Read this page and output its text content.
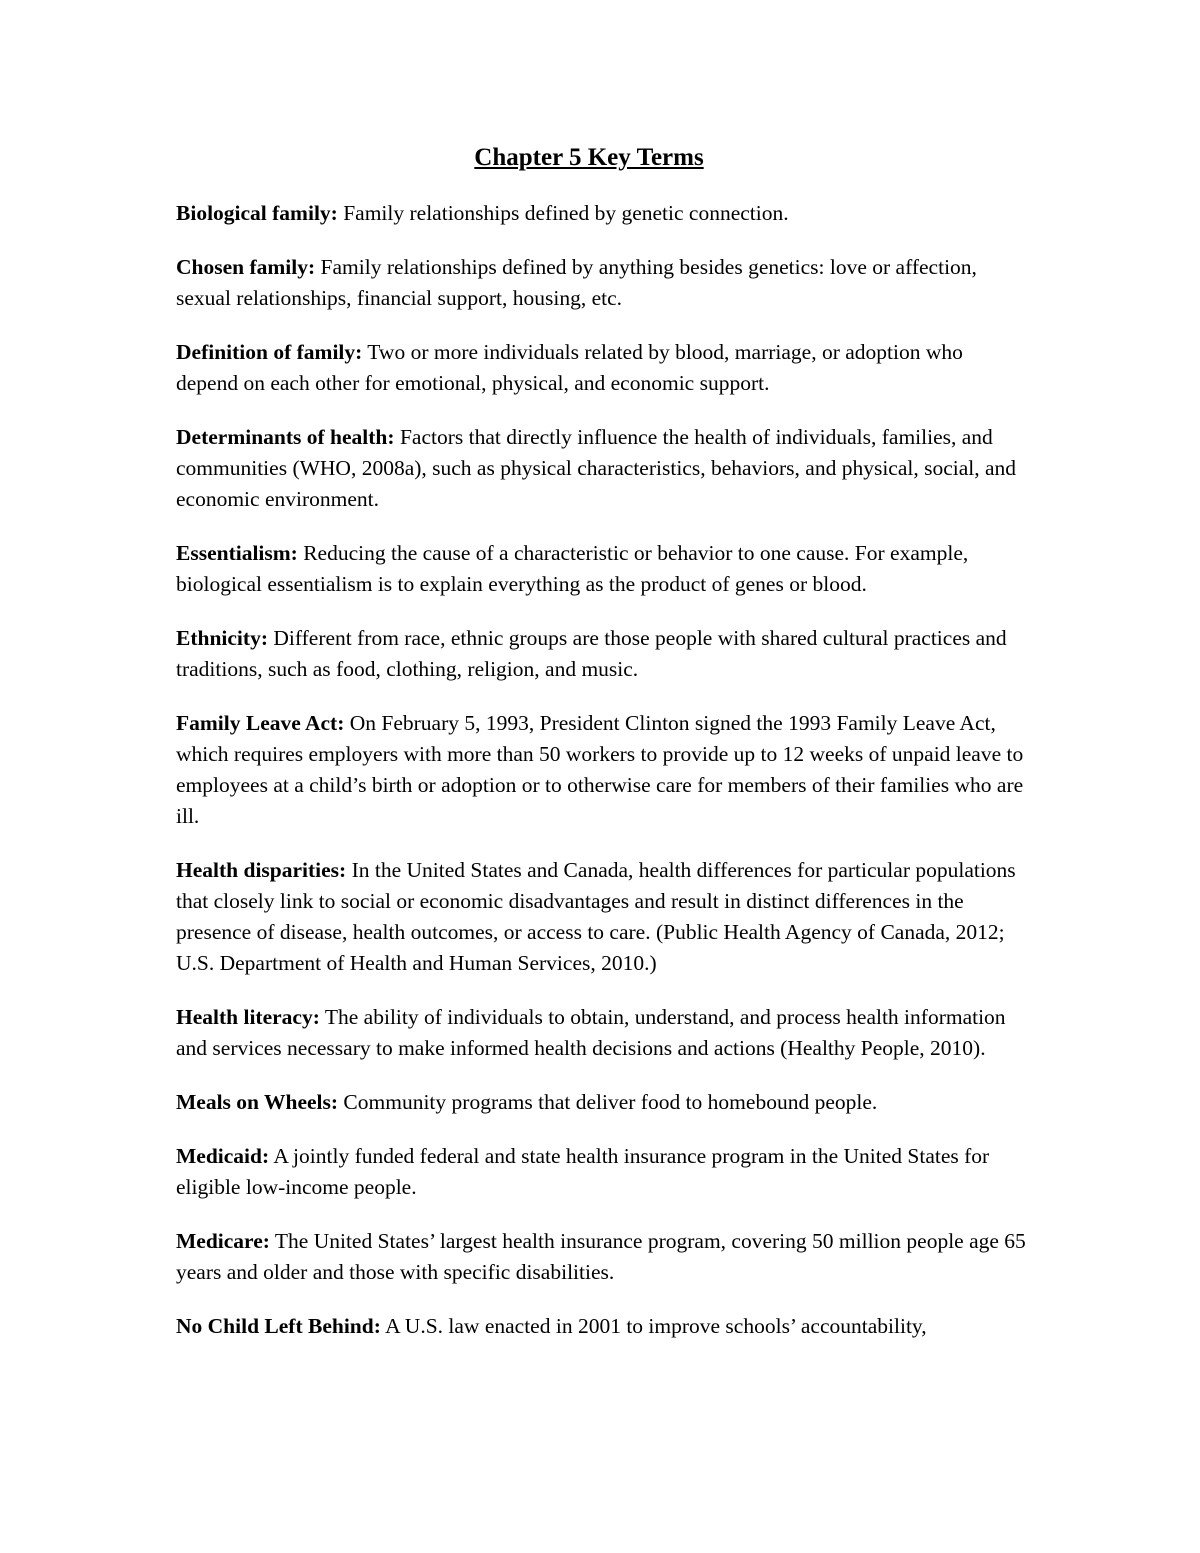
Chapter 5 Key Terms

Biological family: Family relationships defined by genetic connection.

Chosen family: Family relationships defined by anything besides genetics: love or affection, sexual relationships, financial support, housing, etc.

Definition of family: Two or more individuals related by blood, marriage, or adoption who depend on each other for emotional, physical, and economic support.

Determinants of health: Factors that directly influence the health of individuals, families, and communities (WHO, 2008a), such as physical characteristics, behaviors, and physical, social, and economic environment.

Essentialism: Reducing the cause of a characteristic or behavior to one cause. For example, biological essentialism is to explain everything as the product of genes or blood.

Ethnicity: Different from race, ethnic groups are those people with shared cultural practices and traditions, such as food, clothing, religion, and music.

Family Leave Act: On February 5, 1993, President Clinton signed the 1993 Family Leave Act, which requires employers with more than 50 workers to provide up to 12 weeks of unpaid leave to employees at a child’s birth or adoption or to otherwise care for members of their families who are ill.

Health disparities: In the United States and Canada, health differences for particular populations that closely link to social or economic disadvantages and result in distinct differences in the presence of disease, health outcomes, or access to care. (Public Health Agency of Canada, 2012; U.S. Department of Health and Human Services, 2010.)

Health literacy: The ability of individuals to obtain, understand, and process health information and services necessary to make informed health decisions and actions (Healthy People, 2010).

Meals on Wheels: Community programs that deliver food to homebound people.

Medicaid: A jointly funded federal and state health insurance program in the United States for eligible low-income people.

Medicare: The United States’ largest health insurance program, covering 50 million people age 65 years and older and those with specific disabilities.

No Child Left Behind: A U.S. law enacted in 2001 to improve schools’ accountability,
